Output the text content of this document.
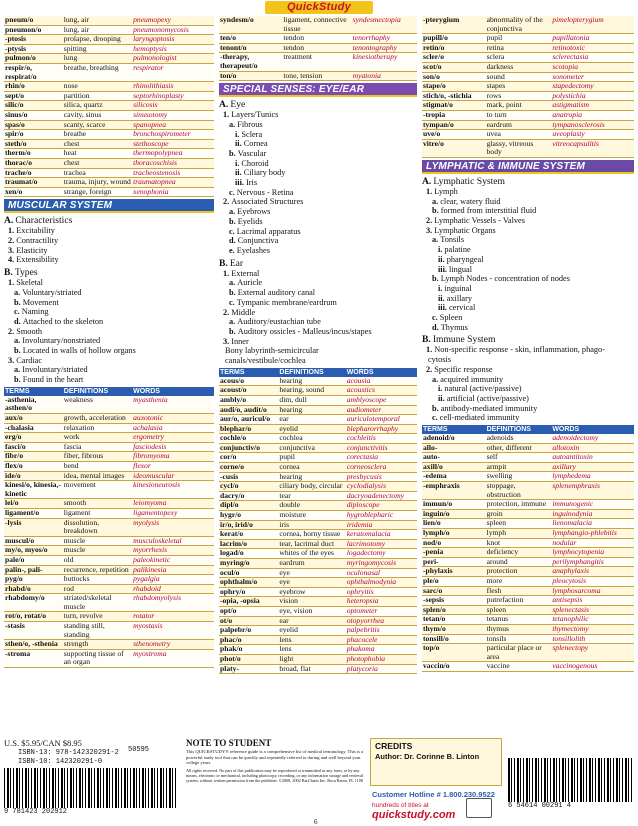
QuickStudy
pneum/o	lung, air	pneumopexy
pneumon/o	lung, air	pneumonomycosis
-ptosis	prolapse, drooping	laryngoptosis
-ptysis	spitting	hemoptysis
pulmon/o	lung	pulmonologist
respir/o, respirat/o	breathe, breathing	respirator
rhin/o	nose	rhinolithiasis
sept/o	partition	septorhinoplasty
silic/o	silica, quartz	silicosis
sinus/o	cavity, sinus	sinusotomy
spas/o	scanty, scarce	spanopnea
spir/o	breathe	bronchospirometer
steth/o	chest	stethoscope
therm/o	heat	thermopolypnea
thorac/o	chest	thoracoschisis
trache/o	trachea	tracheostenosis
traumat/o	trauma, injury, wound	traumatopnea
xen/o	strange, foreign	xenophonia
MUSCULAR SYSTEM
A. Characteristics
1. Excitability
2. Contractility
3. Elasticity
4. Extensibility
B. Types
1. Skeletal
a. Voluntary/striated
b. Movement
c. Naming
d. Attached to the skeleton
2. Smooth
a. Involuntary/nonstriated
b. Located in walls of hollow organs
3. Cardiac
a. Involuntary/striated
b. Found in the heart
TERMS	DEFINITIONS	WORDS
-asthenia, asthen/o	weakness	myasthenia
aux/o	growth, acceleration	auxotonic
-chalasia	relaxation	achalasia
erg/o	work	ergometry
fasci/o	fascia	fasciodesis
fibr/o	fiber, fibrous	fibromyoma
flex/o	bend	flexor
ide/o	idea, mental images	ideomuscular
kinesi/o, kinesia,-kinetic	movement	kinesioneurosis
lei/o	smooth	leiomyoma
ligament/o	ligament	ligamentopexy
-lysis	dissolution, breakdown	myolysis
muscul/o	muscle	musculoskeletal
my/o, myos/o	muscle	myorrhexis
pale/o	old	paleokinetic
palin-, pali-	recurrence, repetition	palikinesia
pyg/o	buttocks	pygalgia
rhabd/o	rod	rhabdoid
rhabdomy/o	striated/skeletal muscle	rhabdomyolysis
rot/o, rotat/o	turn, revolve	rotator
-stasis	standing still, standing	myostasis
sthen/o, -sthenia	strength	sthenometry
-stroma	supporting tissue of an organ	myostroma
syndesm/o	ligament, connective tissue	syndesmectopia
ten/o	tendon	tenorrhaphy
tenont/o	tendon	tenontography
-therapy, therapeut/o	treatment	kinesiotherapy
ton/o	tone, tension	myatonia
SPECIAL SENSES: EYE/EAR
A. Eye
1. Layers/Tunics
a. Fibrous
i. Sclera
ii. Cornea
b. Vascular
i. Choroid
ii. Ciliary body
iii. Iris
c. Nervous - Retina
2. Associated Structures
a. Eyebrows
b. Eyelids
c. Lacrimal apparatus
d. Conjunctiva
e. Eyelashes
B. Ear
1. External
a. Auricle
b. External auditory canal
c. Tympanic membrane/eardrum
2. Middle
a. Auditory/eustachian tube
b. Auditory ossicles - Malleus/incus/stapes
3. Inner
Bony labyrinth-semicircular
canals/vestibule/cochlea
TERMS	DEFINITIONS	WORDS
acous/o	hearing	acousia
acoust/o	hearing, sound	acoustics
ambly/o	dim, dull	amblyoscope
audi/o, audit/o	hearing	audiometer
aur/o, auricul/o	ear	auriculotemporal
blephar/o	eyelid	blepharorrhaphy
cochle/o	cochlea	cochleitis
conjunctiv/o	conjunctiva	conjunctivitis
cor/o	pupil	corectasia
corne/o	cornea	corneosclera
-cusis	hearing	presbycusis
cycl/o	ciliary body, circular	cyclodialysis
dacry/o	tear	dacryoadenectomy
dipl/o	double	diploscope
hygr/o	moisture	hygroblepharic
ir/o, irid/o	iris	iridemia
kerat/o	cornea, horny tissue	keratomalacia
lacrim/o	tear, lacrimal duct	lacrimotomy
logad/o	whites of the eyes	logadectomy
myring/o	eardrum	myringomycosis
ocul/o	eye	oculonasal
ophthalm/o	eye	ophthalmodynia
ophry/o	eyebrow	ophryitis
-opia, -opsia	vision	heteropsia
opt/o	eye, vision	optometer
ot/o	ear	otopyorrhea
palpebr/o	eyelid	palpebritis
phac/o	lens	phacocele
phak/o	lens	phakoma
phot/o	light	photophobia
platy-	broad, flat	platycoria
-pterygium	abnormality of the conjunctiva	pimelopterygium
pupill/o	pupil	pupillatonia
retin/o	retina	retinotoxic
scler/o	sclera	sclerectasia
scot/o	darkness	scotopia
son/o	sound	sonometer
stape/o	stapes	stapedectomy
stich/o, -stichia	rows	polystichia
stigmat/o	mark, point	astigmatism
-tropia	to turn	anatropia
tympan/o	eardrum	tympanosclerosis
uve/o	uvea	uveoplasty
vitre/o	glassy, vitreous body	vitreocapsulitis
LYMPHATIC & IMMUNE SYSTEM
A. Lymphatic System
1. Lymph
a. clear, watery fluid
b. formed from interstitial fluid
2. Lymphatic Vessels - Valves
3. Lymphatic Organs
a. Tonsils
i. palatine
ii. pharyngeal
iii. lingual
b. Lymph Nodes - concentration of nodes
i. inguinal
ii. axillary
iii. cervical
c. Spleen
d. Thymus
B. Immune System
1. Non-specific response - skin, inflammation, phago-
cytosis
2. Specific response
a. acquired immunity
i. natural (active/passive)
ii. artificial (active/passive)
b. antibody-mediated immunity
c. cell-mediated immunity
TERMS	DEFINITIONS	WORDS
adenoid/o	adenoids	adenoidectomy
allo-	other, different	allotoxin
auto-	self	autoantitoxin
axill/o	armpit	axillary
-edema	swelling	lymphedema
-emphraxis	stoppage, obstruction	splenemphraxis
immun/o	protection, immune	immunogenic
inguin/o	groin	inguinodynia
lien/o	spleen	lienomalacia
lymph/o	lymph	lymphangio-phlebitis
nod/o	knot	nodular
-penia	deficiency	lymphocytopenia
peri-	around	perilymphangitis
-phylaxis	protection	anaphylaxis
ple/o	more	pleocytosis
sarc/o	flesh	lymphosarcoma
-sepsis	putrefaction	antisepsis
splen/o	spleen	splenectasis
tetan/o	tetanus	tetanophilic
thym/o	thymus	thymectomy
tonsill/o	tonsils	tonsillolith
top/o	particular place or area	splenectopy
vaccin/o	vaccine	vaccinogenous
U.S. $5.95/CAN $8.95
ISBN-13: 978-142320291-2
ISBN-10: 142320291-0
9 781423 202912
50595
NOTE TO STUDENT
This QUICKSTUDY® reference guide is a comprehensive list of medical terminology. This is a powerful study tool that can be quickly and repeatedly referred to during and well beyond your college years.
All rights reserved. No part of this publication may be reproduced or transmitted in any form, or by any means, electronic or mechanical, including photocopy, recording, or any information storage and retrieval system, without written permission from the publisher. ©2008, 2002 BarCharts Inc. Boca Raton, FL 1108
CREDITS
Author: Dr. Corinne B. Linton
Customer Hotline # 1.800.230.9522
hundreds of titles at
quickstudy.com
6 54614 00291 4
6
